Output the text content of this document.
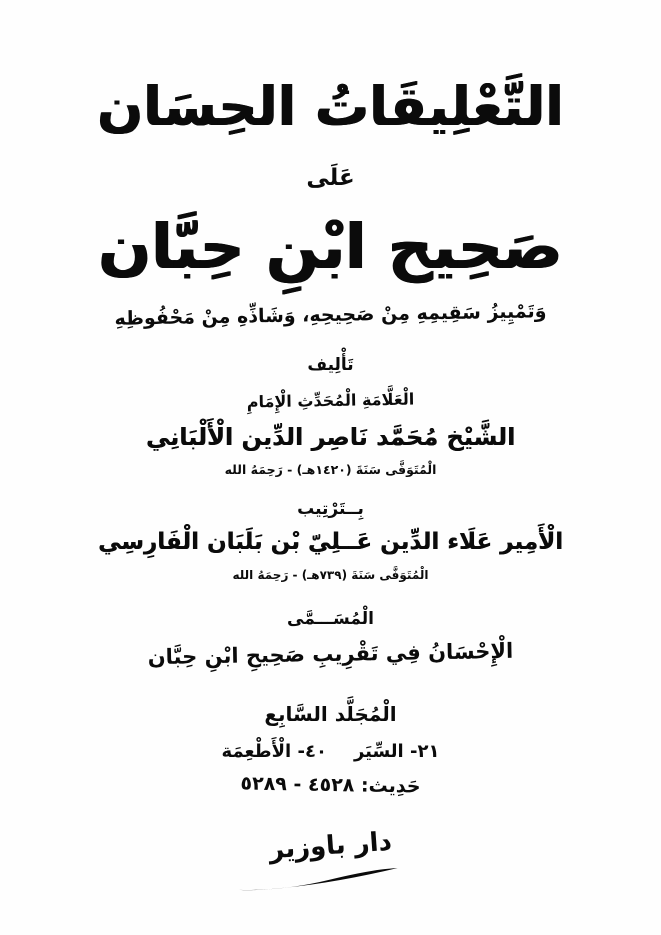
التَّعْلِيقَاتُ الحِسَان
عَلَى
صَحِيح ابْنِ حِبَّان
وَتَمْيِيزُ سَقِيمِهِ مِنْ صَحِيحِهِ، وَشَاذِّهِ مِنْ مَحْفُوظِهِ
تَأْلِيف
الْعَلَّامَةِ الْمُحَدِّثِ الْإِمَامِ
الشَّيْخ مُحَمَّد نَاصِر الدِّين الْأَلْبَانِي
الْمُتَوَفَّى سَنَةَ (١٤٢٠هـ) - رَحِمَهُ الله
بِــتَرْتِيب
الْأَمِير عَلَاء الدِّين عَــلِيّ بْن بَلَبَان الْفَارِسِي
الْمُتَوَفَّى سَنَةَ (٧٣٩هـ) - رَحِمَهُ الله
الْمُسَـــمَّى
الْإِحْسَانُ فِي تَقْرِيبِ صَحِيحِ ابْنِ حِبَّان
الْمُجَلَّد السَّابِع
٢١- السِّيَر  ٤٠- الْأَطْعِمَة
حَدِيث: ٤٥٢٨ - ٥٢٨٩
دار باوزير
